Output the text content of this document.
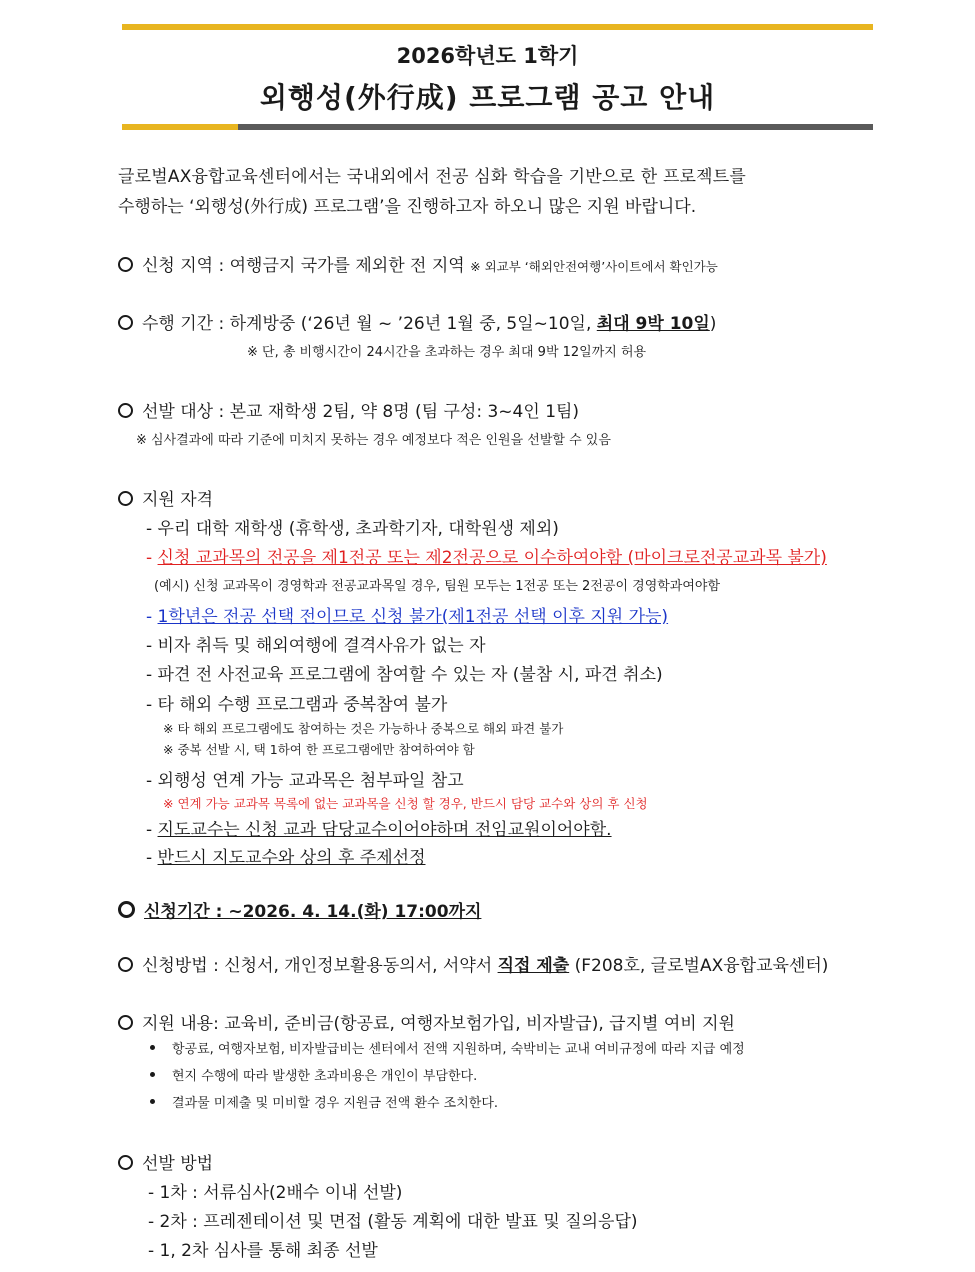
2026학년도 1학기
외행성(外行成) 프로그램 공고 안내
글로벌AX융합교육센터에서는 국내외에서 전공 심화 학습을 기반으로 한 프로젝트를
수행하는 ‘외행성(外行成) 프로그램’을 진행하고자 하오니 많은 지원 바랍니다.
신청 지역 : 여행금지 국가를 제외한 전 지역 ※ 외교부 ‘해외안전여행’사이트에서 확인가능
수행 기간 : 하계방중 (‘26년 월 ~ ’26년 1월 중, 5일~10일, 최대 9박 10일)
※ 단, 총 비행시간이 24시간을 초과하는 경우 최대 9박 12일까지 허용
선발 대상 : 본교 재학생 2팀, 약 8명 (팀 구성: 3~4인 1팀)
※ 심사결과에 따라 기준에 미치지 못하는 경우 예정보다 적은 인원을 선발할 수 있음
지원 자격
- 우리 대학 재학생 (휴학생, 초과학기자, 대학원생 제외)
- 신청 교과목의 전공을 제1전공 또는 제2전공으로 이수하여야함 (마이크로전공교과목 불가)
(예시) 신청 교과목이 경영학과 전공교과목일 경우, 팀원 모두는 1전공 또는 2전공이 경영학과여야함
- 1학년은 전공 선택 전이므로 신청 불가(제1전공 선택 이후 지원 가능)
- 비자 취득 및 해외여행에 결격사유가 없는 자
- 파견 전 사전교육 프로그램에 참여할 수 있는 자 (불참 시, 파견 취소)
- 타 해외 수행 프로그램과 중복참여 불가
※ 타 해외 프로그램에도 참여하는 것은 가능하나 중복으로 해외 파견 불가
※ 중복 선발 시, 택 1하여 한 프로그램에만 참여하여야 함
- 외행성 연계 가능 교과목은 첨부파일 참고
※ 연계 가능 교과목 목록에 없는 교과목을 신청 할 경우, 반드시 담당 교수와 상의 후 신청
- 지도교수는 신청 교과 담당교수이어야하며 전임교원이어야함.
- 반드시 지도교수와 상의 후 주제선정
신청기간 : ~2026. 4. 14.(화) 17:00까지
신청방법 : 신청서, 개인정보활용동의서, 서약서 직접 제출 (F208호, 글로벌AX융합교육센터)
지원 내용: 교육비, 준비금(항공료, 여행자보험가입, 비자발급), 급지별 여비 지원
항공료, 여행자보험, 비자발급비는 센터에서 전액 지원하며, 숙박비는 교내 여비규정에 따라 지급 예정
현지 수행에 따라 발생한 초과비용은 개인이 부담한다.
결과물 미제출 및 미비할 경우 지원금 전액 환수 조치한다.
선발 방법
- 1차 : 서류심사(2배수 이내 선발)
- 2차 : 프레젠테이션 및 면접 (활동 계획에 대한 발표 및 질의응답)
- 1, 2차 심사를 통해 최종 선발
